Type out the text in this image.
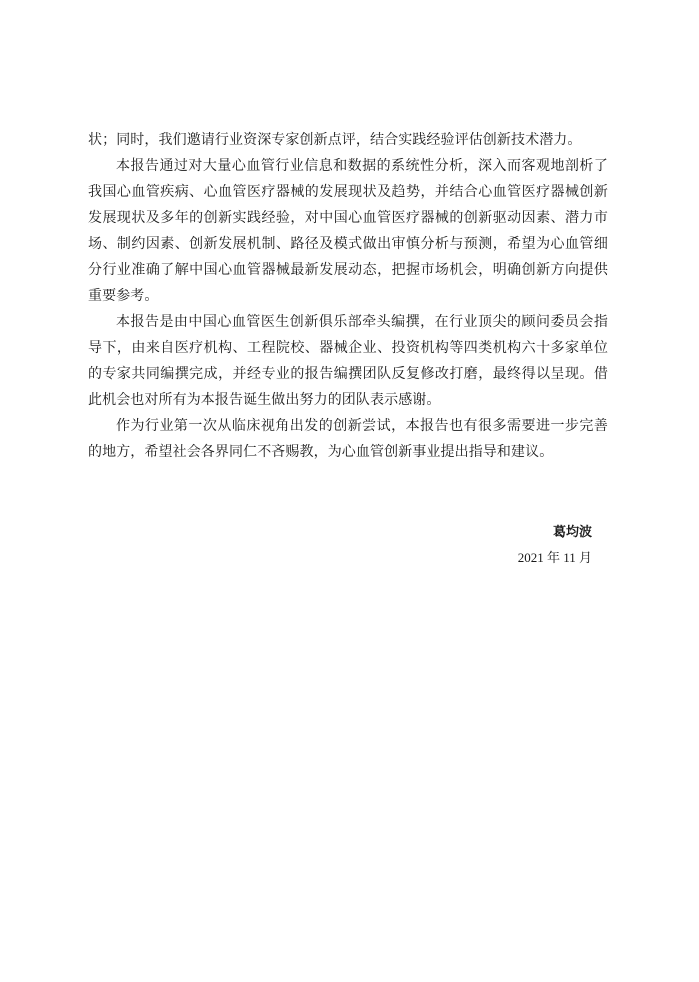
状；同时，我们邀请行业资深专家创新点评，结合实践经验评估创新技术潜力。

本报告通过对大量心血管行业信息和数据的系统性分析，深入而客观地剖析了我国心血管疾病、心血管医疗器械的发展现状及趋势，并结合心血管医疗器械创新发展现状及多年的创新实践经验，对中国心血管医疗器械的创新驱动因素、潜力市场、制约因素、创新发展机制、路径及模式做出审慎分析与预测，希望为心血管细分行业准确了解中国心血管器械最新发展动态，把握市场机会，明确创新方向提供重要参考。

本报告是由中国心血管医生创新俱乐部牵头编撰，在行业顶尖的顾问委员会指导下，由来自医疗机构、工程院校、器械企业、投资机构等四类机构六十多家单位的专家共同编撰完成，并经专业的报告编撰团队反复修改打磨，最终得以呈现。借此机会也对所有为本报告诞生做出努力的团队表示感谢。

作为行业第一次从临床视角出发的创新尝试，本报告也有很多需要进一步完善的地方，希望社会各界同仁不吝赐教，为心血管创新事业提出指导和建议。

葛均波

2021 年 11 月
